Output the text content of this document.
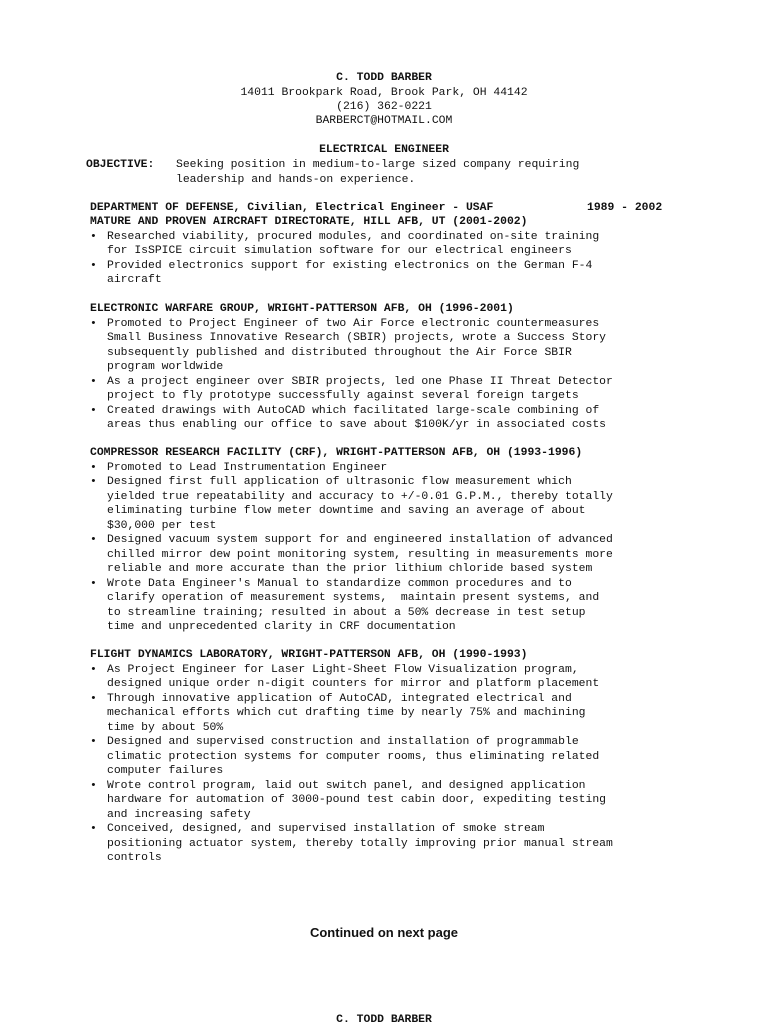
C. TODD BARBER
14011 Brookpark Road, Brook Park, OH 44142
(216) 362-0221
BARBERCT@HOTMAIL.COM
ELECTRICAL ENGINEER
OBJECTIVE: Seeking position in medium-to-large sized company requiring
leadership and hands-on experience.
DEPARTMENT OF DEFENSE, Civilian, Electrical Engineer - USAF	1989 - 2002
MATURE AND PROVEN AIRCRAFT DIRECTORATE, HILL AFB, UT (2001-2002)
• Researched viability, procured modules, and coordinated on-site training
for IsSPICE circuit simulation software for our electrical engineers
• Provided electronics support for existing electronics on the German F-4
aircraft
ELECTRONIC WARFARE GROUP, WRIGHT-PATTERSON AFB, OH (1996-2001)
• Promoted to Project Engineer of two Air Force electronic countermeasures
Small Business Innovative Research (SBIR) projects, wrote a Success Story
subsequently published and distributed throughout the Air Force SBIR
program worldwide
• As a project engineer over SBIR projects, led one Phase II Threat Detector
project to fly prototype successfully against several foreign targets
• Created drawings with AutoCAD which facilitated large-scale combining of
areas thus enabling our office to save about $100K/yr in associated costs
COMPRESSOR RESEARCH FACILITY (CRF), WRIGHT-PATTERSON AFB, OH (1993-1996)
• Promoted to Lead Instrumentation Engineer
• Designed first full application of ultrasonic flow measurement which
yielded true repeatability and accuracy to +/-0.01 G.P.M., thereby totally
eliminating turbine flow meter downtime and saving an average of about
$30,000 per test
• Designed vacuum system support for and engineered installation of advanced
chilled mirror dew point monitoring system, resulting in measurements more
reliable and more accurate than the prior lithium chloride based system
• Wrote Data Engineer's Manual to standardize common procedures and to
clarify operation of measurement systems,  maintain present systems, and
to streamline training; resulted in about a 50% decrease in test setup
time and unprecedented clarity in CRF documentation
FLIGHT DYNAMICS LABORATORY, WRIGHT-PATTERSON AFB, OH (1990-1993)
• As Project Engineer for Laser Light-Sheet Flow Visualization program,
designed unique order n-digit counters for mirror and platform placement
• Through innovative application of AutoCAD, integrated electrical and
mechanical efforts which cut drafting time by nearly 75% and machining
time by about 50%
• Designed and supervised construction and installation of programmable
climatic protection systems for computer rooms, thus eliminating related
computer failures
• Wrote control program, laid out switch panel, and designed application
hardware for automation of 3000-pound test cabin door, expediting testing
and increasing safety
• Conceived, designed, and supervised installation of smoke stream
positioning actuator system, thereby totally improving prior manual stream
controls
Continued on next page
C. TODD BARBER
